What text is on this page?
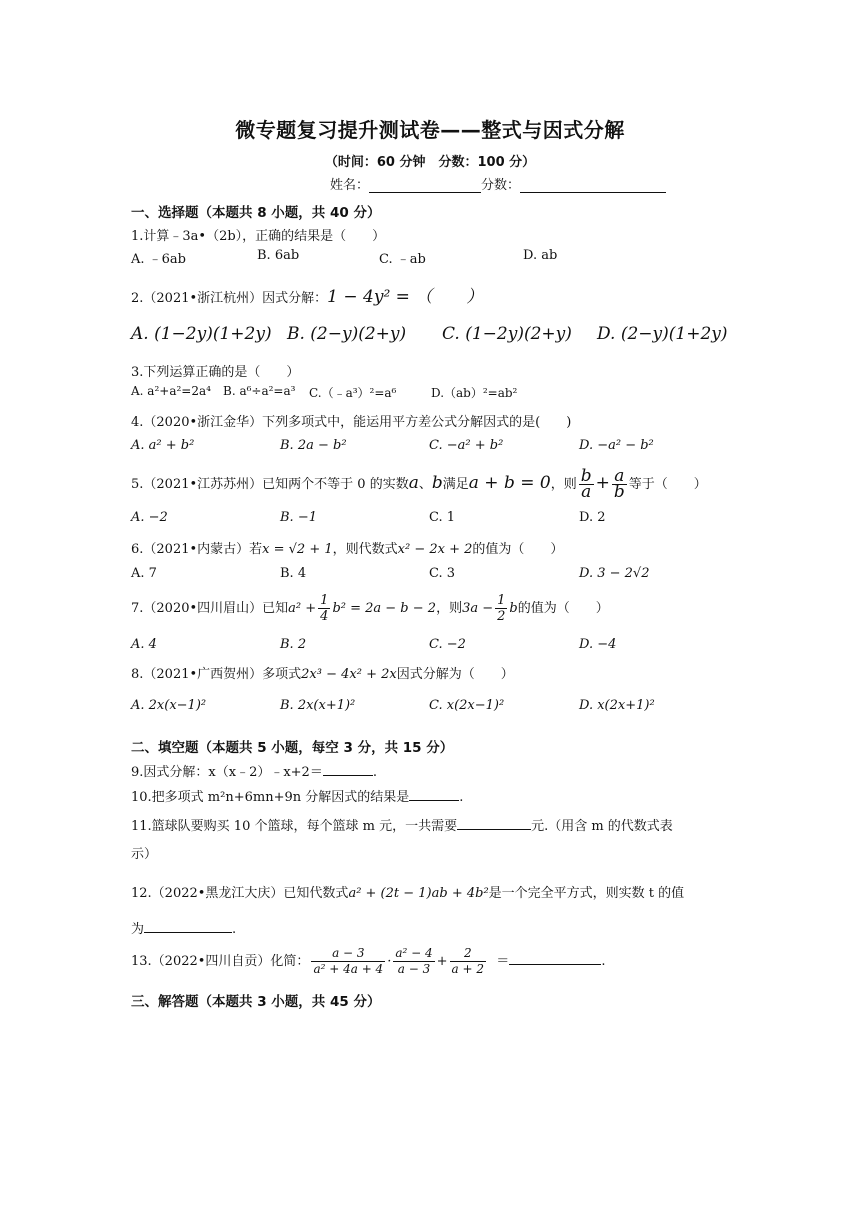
微专题复习提升测试卷——整式与因式分解
（时间：60 分钟　分数：100 分）
姓名：	分数：
一、选择题（本题共 8 小题，共 40 分）
1.计算﹣3a•（2b），正确的结果是（　　）
A. ﹣6ab	B. 6ab	C. ﹣ab	D. ab
2.（2021•浙江杭州）因式分解：1 − 4y² = （　　）
A. (1−2y)(1+2y) B. (2−y)(2+y) C. (1−2y)(2+y) D. (2−y)(1+2y)
3.下列运算正确的是（　　）
A. a²+a²=2a⁴ B. a⁶÷a²=a³ C.（﹣a³）²=a⁶	D.（ab）²=ab²
4.（2020•浙江金华）下列多项式中，能运用平方差公式分解因式的是(　　)
A. a² + b²	B. 2a − b²	C. −a² + b²	D. −a² − b²
5.（2021•江苏苏州）已知两个不等于 0 的实数a、b满足a + b = 0，则 $\frac{b}{a} + \frac{a}{b}$ 等于（　　）
A. −2	B. −1	C. 1	D. 2
6.（2021•内蒙古）若x = √2 + 1，则代数式x² − 2x + 2的值为（　　）
A. 7	B. 4	C. 3	D. 3 − 2√2
7.（2020•四川眉山）已知$a^2 + \frac{1}{4} b^2 = 2a - b - 2$，则$3a - \frac{1}{2}$ b的值为（　　）
A. 4	B. 2	C. −2	D. −4
8.（2021•广西贺州）多项式2x³ − 4x² + 2x因式分解为（　　）
A. 2x(x−1)²	B. 2x(x+1)²	C. x(2x−1)²	D. x(2x+1)²
二、填空题（本题共 5 小题，每空 3 分，共 15 分）
9.因式分解：x（x﹣2）﹣x+2＝	.
10.把多项式 m²n+6mn+9n 分解因式的结果是	.
11.篮球队要购买 10 个篮球，每个篮球 m 元，一共需要	元.（用含 m 的代数式表
示）
12.（2022•黑龙江大庆）已知代数式a² + (2t − 1)ab + 4b²是一个完全平方式，则实数 t 的值
为	.
13.（2022•四川自贡）化简： $\frac{a - 3}{\text{a² + 4a + 4}} \cdot \frac{\text{a² − 4}}{a - 3} + \frac{2}{a + 2}$ ＝	.
三、解答题（本题共 3 小题，共 45 分）
